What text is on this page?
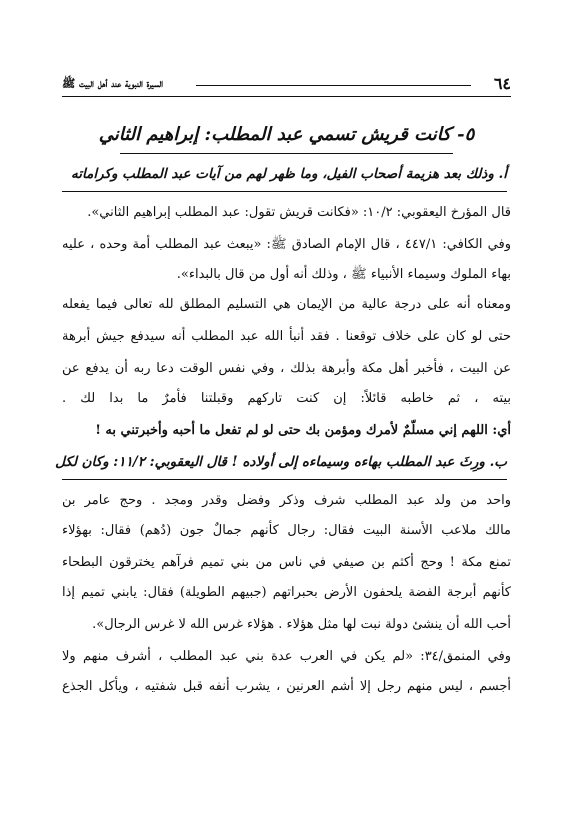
٦٤
السيرة النبوية عند أهل البيت ﷺ
٥- كانت قريش تسمي عبد المطلب: إبراهيم الثاني
أ. وذلك بعد هزيمة أصحاب الفيل، وما ظهر لهم من آيات عبد المطلب وكراماته
قال المؤرخ اليعقوبي: ١٠/٢: «فكانت قريش تقول: عبد المطلب إبراهيم الثاني».
وفي الكافي: ٤٤٧/١ ، قال الإمام الصادق ﷺ: «يبعث عبد المطلب أمة وحده ، عليه
بهاء الملوك وسيماء الأنبياء ﷺ ، وذلك أنه أول من قال بالبداء».
ومعناه أنه على درجة عالية من الإيمان هي التسليم المطلق لله تعالى فيما يفعله
حتى لو كان على خلاف توقعنا . فقد أنبأ الله عبد المطلب أنه سيدفع جيش أبرهة
عن البيت ، فأخبر أهل مكة وأبرهة بذلك ، وفي نفس الوقت دعا ربه أن يدفع عن
بيته ، ثم خاطبه قائلاً: إن كنت تاركهم وقبلتنا فأمرٌ ما بدا لك .
أي: اللهم إني مسلّمٌ لأمرك ومؤمن بك حتى لو لم تفعل ما أحبه وأخبرتني به !
ب. ورِثَ عبد المطلب بهاءه وسيماءه إلى أولاده ! قال اليعقوبي: ١١/٢: وكان لكل
واحد من ولد عبد المطلب شرف وذكر وفضل وقدر ومجد . وحج عامر بن
مالك ملاعب الأسنة البيت فقال: رجال كأنهم جمالٌ جون (دُهم) فقال: بهؤلاء
تمنع مكة ! وحج أكثم بن صيفي في ناس من بني تميم فرآهم يخترقون البطحاء
كأنهم أبرجة الفضة يلحفون الأرض بحبراتهم (جبيهم الطويلة) فقال: يابني تميم إذا
أحب الله أن ينشئ دولة نبت لها مثل هؤلاء . هؤلاء غرس الله لا غرس الرجال».
وفي المنمق/٣٤: «لم يكن في العرب عدة بني عبد المطلب ، أشرف منهم ولا
أجسم ، ليس منهم رجل إلا أشم العرنين ، يشرب أنفه قبل شفتيه ، ويأكل الجذع
